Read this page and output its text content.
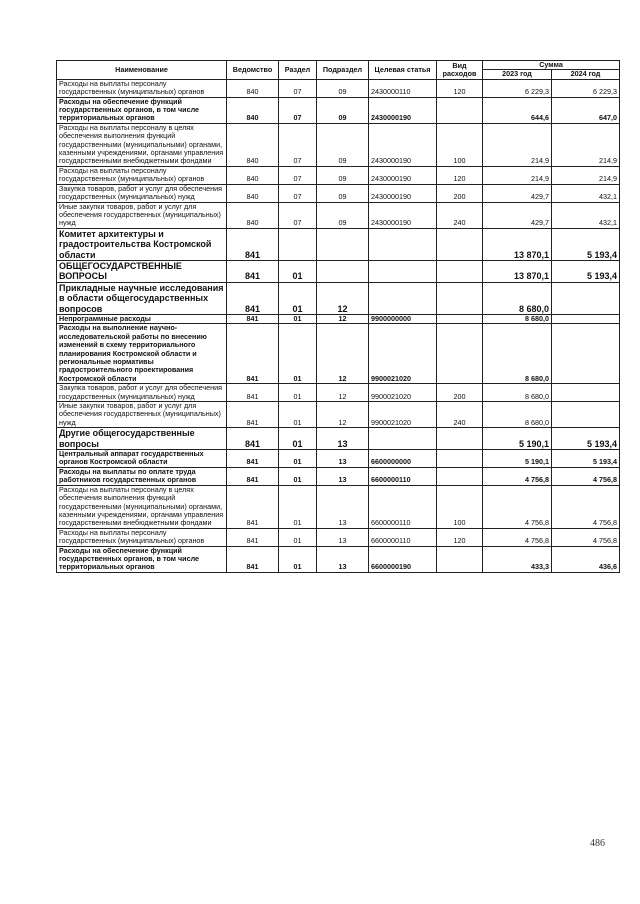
Наименование	Ведомство	Раздел	Подраздел	Целевая статья	Вид расходов	Сумма	
						2023 год	2024 год
Расходы на выплаты персоналу государственных (муниципальных) органов	840	07	09	2430000110	120	6 229,3	6 229,3
Расходы на обеспечение функций государственных органов, в том числе территориальных органов	840	07	09	2430000190		644,6	647,0
Расходы на выплаты персоналу в целях обеспечения выполнения функций государственными (муниципальными) органами, казенными учреждениями, органами управления государственными внебюджетными фондами	840	07	09	2430000190	100	214,9	214,9
Расходы на выплаты персоналу государственных (муниципальных) органов	840	07	09	2430000190	120	214,9	214,9
Закупка товаров, работ и услуг для обеспечения государственных (муниципальных) нужд	840	07	09	2430000190	200	429,7	432,1
Иные закупки товаров, работ и услуг для обеспечения государственных (муниципальных) нужд	840	07	09	2430000190	240	429,7	432,1
Комитет архитектуры и градостроительства Костромской области	841					13 870,1	5 193,4
ОБЩЕГОСУДАРСТВЕННЫЕ ВОПРОСЫ	841	01				13 870,1	5 193,4
Прикладные научные исследования в области общегосударственных вопросов	841	01	12			8 680,0	
Непрограммные расходы	841	01	12	9900000000		8 680,0	
Расходы на выполнение научно-исследовательской работы по внесению изменений в схему территориального планирования Костромской области и региональные нормативы градостроительного проектирования Костромской области	841	01	12	9900021020		8 680,0	
Закупка товаров, работ и услуг для обеспечения государственных (муниципальных) нужд	841	01	12	9900021020	200	8 680,0	
Иные закупки товаров, работ и услуг для обеспечения государственных (муниципальных) нужд	841	01	12	9900021020	240	8 680,0	
Другие общегосударственные вопросы	841	01	13			5 190,1	5 193,4
Центральный аппарат государственных органов Костромской области	841	01	13	6600000000		5 190,1	5 193,4
Расходы на выплаты по оплате труда работников государственных органов	841	01	13	6600000110		4 756,8	4 756,8
Расходы на выплаты персоналу в целях обеспечения выполнения функций государственными (муниципальными) органами, казенными учреждениями, органами управления государственными внебюджетными фондами	841	01	13	6600000110	100	4 756,8	4 756,8
Расходы на выплаты персоналу государственных (муниципальных) органов	841	01	13	6600000110	120	4 756,8	4 756,8
Расходы на обеспечение функций государственных органов, в том числе территориальных органов	841	01	13	6600000190		433,3	436,6
486
